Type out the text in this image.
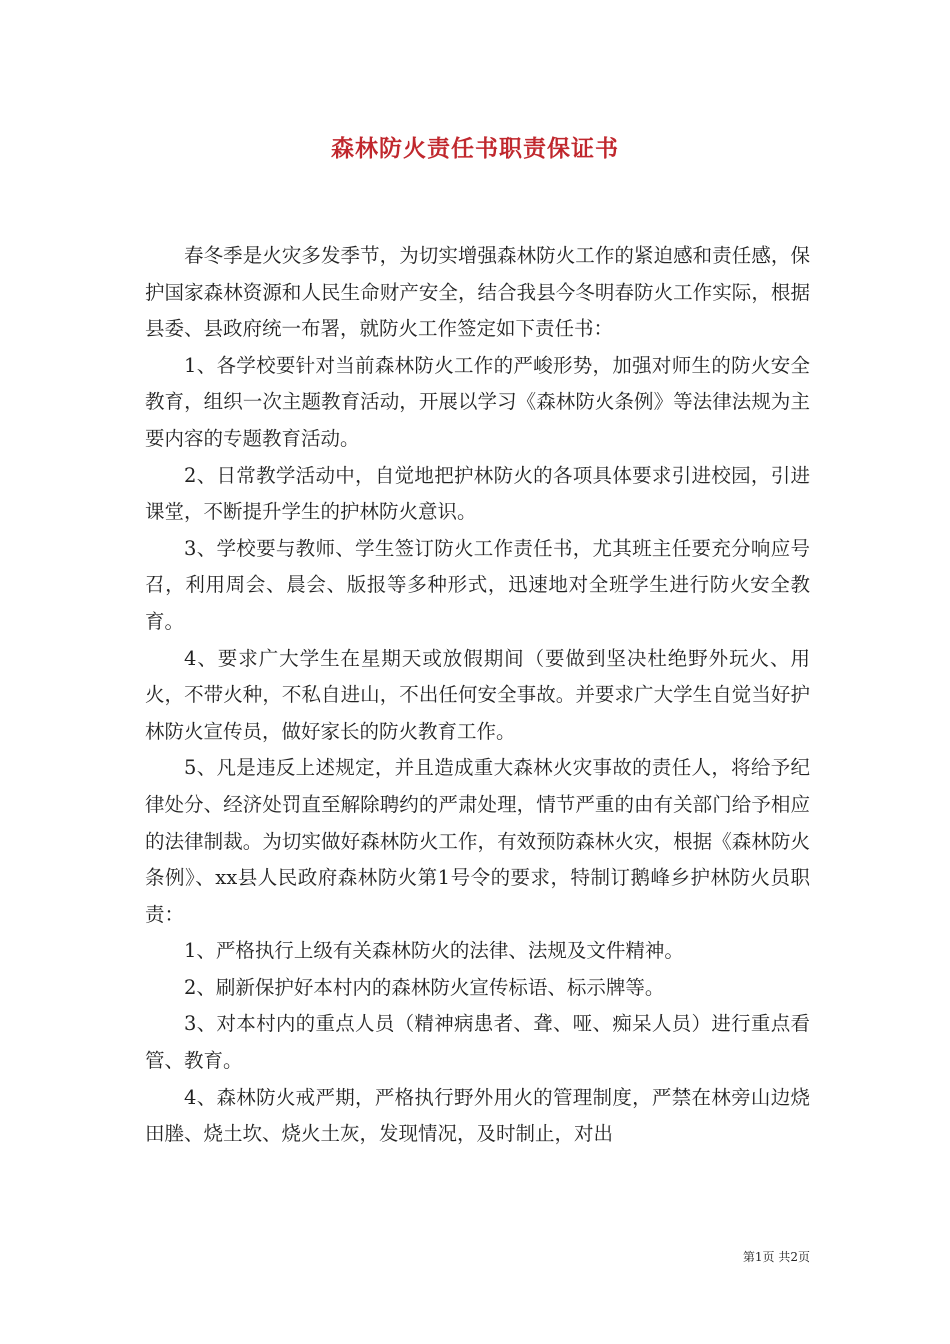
森林防火责任书职责保证书

春冬季是火灾多发季节，为切实增强森林防火工作的紧迫感和责任感，保护国家森林资源和人民生命财产安全，结合我县今冬明春防火工作实际，根据县委、县政府统一布署，就防火工作签定如下责任书：

1、各学校要针对当前森林防火工作的严峻形势，加强对师生的防火安全教育，组织一次主题教育活动，开展以学习《森林防火条例》等法律法规为主要内容的专题教育活动。

2、日常教学活动中，自觉地把护林防火的各项具体要求引进校园，引进课堂，不断提升学生的护林防火意识。

3、学校要与教师、学生签订防火工作责任书，尤其班主任要充分响应号召，利用周会、晨会、版报等多种形式，迅速地对全班学生进行防火安全教育。

4、要求广大学生在星期天或放假期间（要做到坚决杜绝野外玩火、用火，不带火种，不私自进山，不出任何安全事故。并要求广大学生自觉当好护林防火宣传员，做好家长的防火教育工作。

5、凡是违反上述规定，并且造成重大森林火灾事故的责任人，将给予纪律处分、经济处罚直至解除聘约的严肃处理，情节严重的由有关部门给予相应的法律制裁。为切实做好森林防火工作，有效预防森林火灾，根据《森林防火条例》、xx县人民政府森林防火第1号令的要求，特制订鹅峰乡护林防火员职责：

1、严格执行上级有关森林防火的法律、法规及文件精神。

2、刷新保护好本村内的森林防火宣传标语、标示牌等。

3、对本村内的重点人员（精神病患者、聋、哑、痴呆人员）进行重点看管、教育。

4、森林防火戒严期，严格执行野外用火的管理制度，严禁在林旁山边烧田塍、烧土坎、烧火土灰，发现情况，及时制止，对出

第1页 共2页
